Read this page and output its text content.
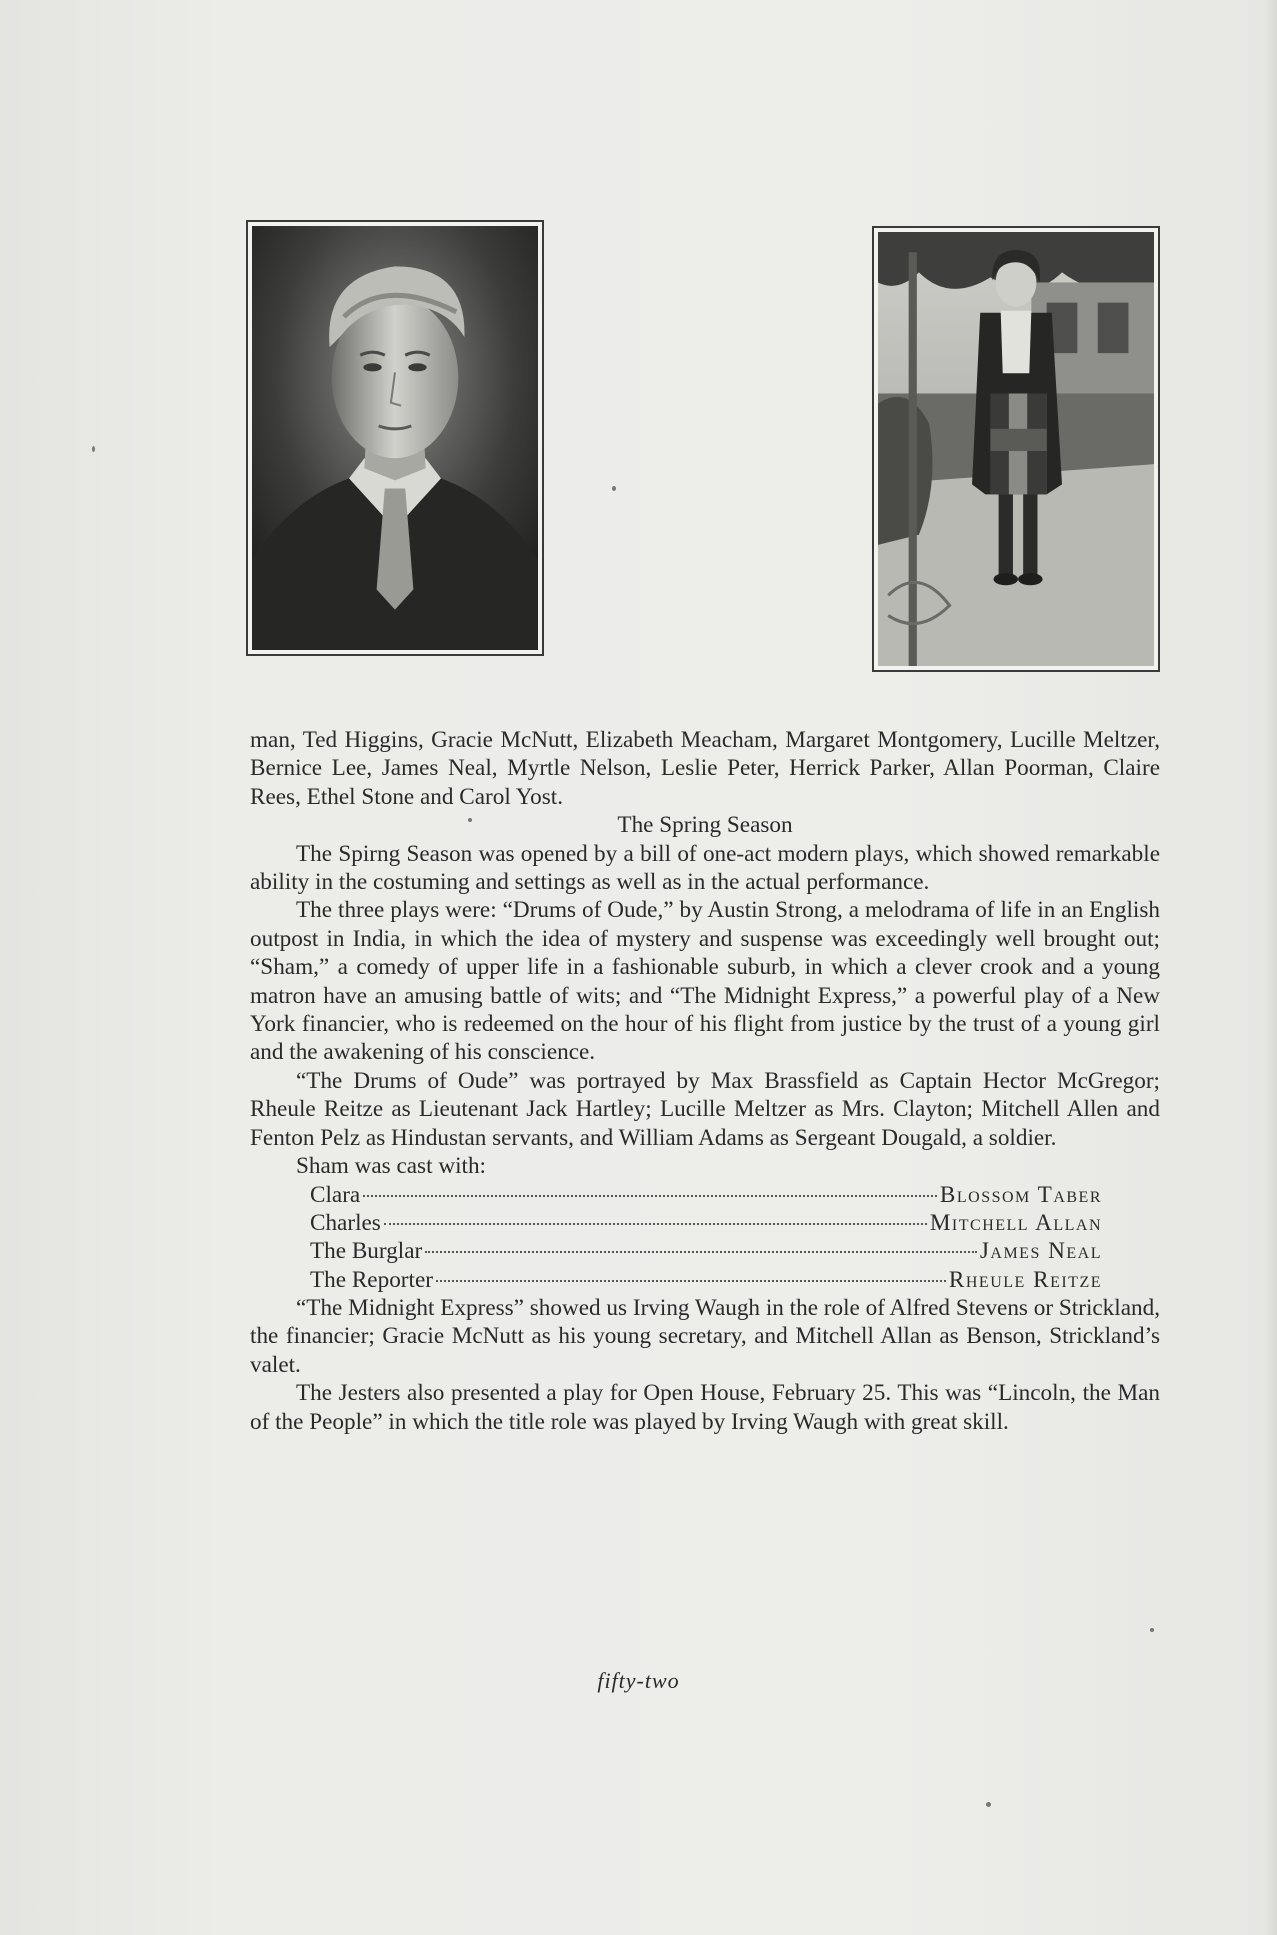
man, Ted Higgins, Gracie McNutt, Elizabeth Meacham, Margaret Montgomery, Lucille Meltzer, Bernice Lee, James Neal, Myrtle Nelson, Leslie Peter, Herrick Parker, Allan Poorman, Claire Rees, Ethel Stone and Carol Yost.

The Spring Season

The Spirng Season was opened by a bill of one-act modern plays, which showed remarkable ability in the costuming and settings as well as in the actual performance.

The three plays were: “Drums of Oude,” by Austin Strong, a melodrama of life in an English outpost in India, in which the idea of mystery and suspense was exceedingly well brought out; “Sham,” a comedy of upper life in a fashionable suburb, in which a clever crook and a young matron have an amusing battle of wits; and “The Midnight Express,” a powerful play of a New York financier, who is redeemed on the hour of his flight from justice by the trust of a young girl and the awakening of his conscience.

“The Drums of Oude” was portrayed by Max Brassfield as Captain Hector McGregor; Rheule Reitze as Lieutenant Jack Hartley; Lucille Meltzer as Mrs. Clayton; Mitchell Allen and Fenton Pelz as Hindustan servants, and William Adams as Sergeant Dougald, a soldier.

Sham was cast with:

Clara	Blossom Taber
Charles	Mitchell Allan
The Burglar	James Neal
The Reporter	Rheule Reitze

“The Midnight Express” showed us Irving Waugh in the role of Alfred Stevens or Strickland, the financier; Gracie McNutt as his young secretary, and Mitchell Allan as Benson, Strickland’s valet.

The Jesters also presented a play for Open House, February 25. This was “Lincoln, the Man of the People” in which the title role was played by Irving Waugh with great skill.

fifty-two
